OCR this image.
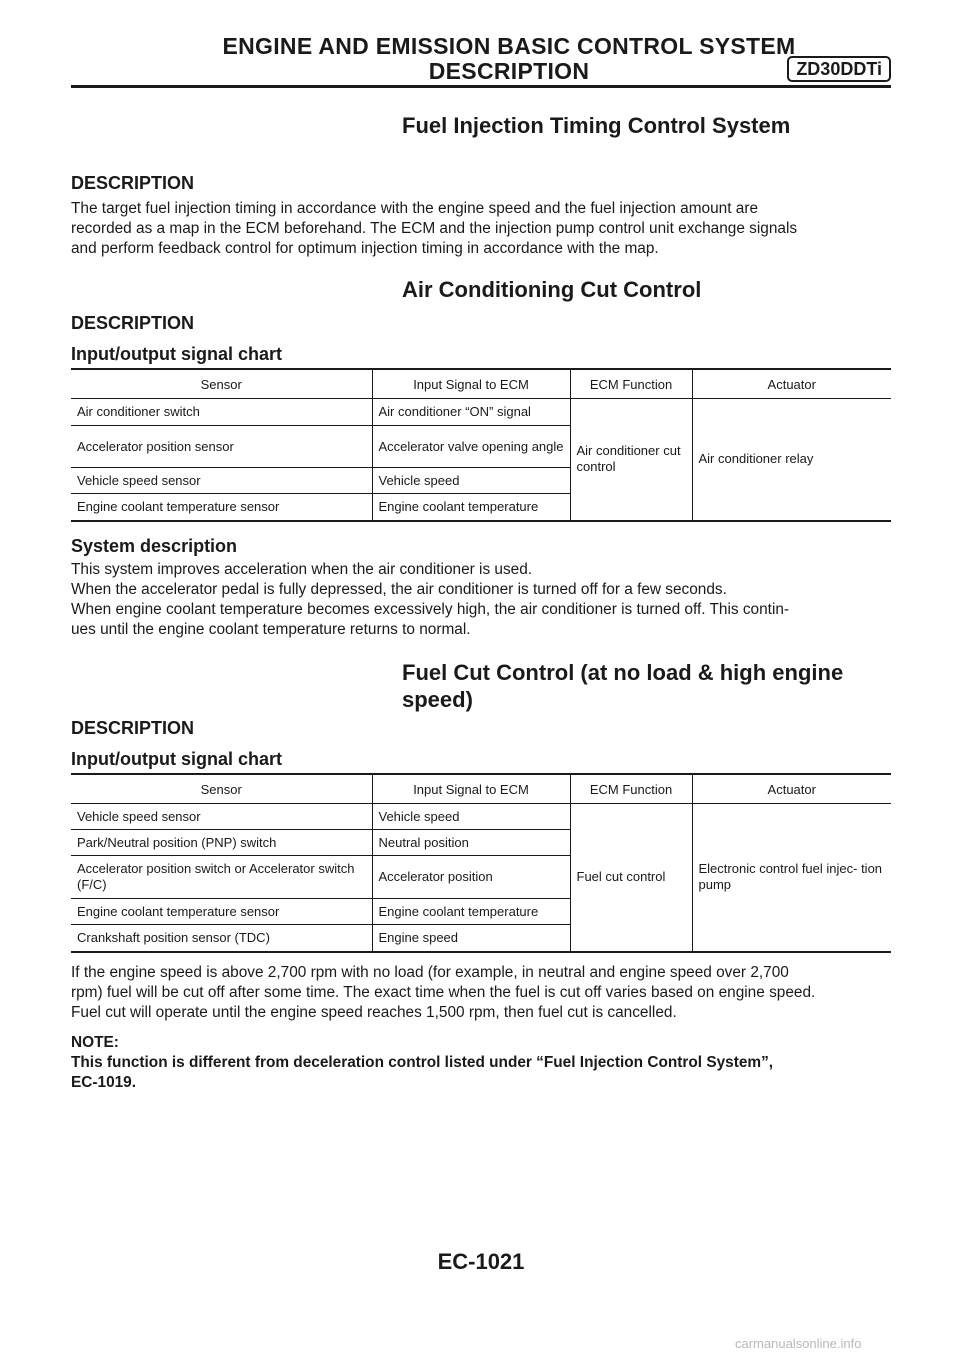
ENGINE AND EMISSION BASIC CONTROL SYSTEM
DESCRIPTION	ZD30DDTi
Fuel Injection Timing Control System
DESCRIPTION
The target fuel injection timing in accordance with the engine speed and the fuel injection amount are
recorded as a map in the ECM beforehand. The ECM and the injection pump control unit exchange signals
and perform feedback control for optimum injection timing in accordance with the map.
Air Conditioning Cut Control
DESCRIPTION
Input/output signal chart
Sensor	Input Signal to ECM	ECM Function	Actuator
Air conditioner switch	Air conditioner “ON” signal	Air conditioner cut control	Air conditioner relay
Accelerator position sensor	Accelerator valve opening angle		
Vehicle speed sensor	Vehicle speed		
Engine coolant temperature sensor	Engine coolant temperature		
System description
This system improves acceleration when the air conditioner is used.
When the accelerator pedal is fully depressed, the air conditioner is turned off for a few seconds.
When engine coolant temperature becomes excessively high, the air conditioner is turned off. This contin-
ues until the engine coolant temperature returns to normal.
Fuel Cut Control (at no load & high engine
speed)
DESCRIPTION
Input/output signal chart
Sensor	Input Signal to ECM	ECM Function	Actuator
Vehicle speed sensor	Vehicle speed	Fuel cut control	Electronic control fuel injec- tion pump
Park/Neutral position (PNP) switch	Neutral position		
Accelerator position switch or Accelerator switch (F/C)	Accelerator position		
Engine coolant temperature sensor	Engine coolant temperature		
Crankshaft position sensor (TDC)	Engine speed		
If the engine speed is above 2,700 rpm with no load (for example, in neutral and engine speed over 2,700
rpm) fuel will be cut off after some time. The exact time when the fuel is cut off varies based on engine speed.
Fuel cut will operate until the engine speed reaches 1,500 rpm, then fuel cut is cancelled.
NOTE:
This function is different from deceleration control listed under “Fuel Injection Control System”,
EC-1019.
EC-1021
carmanualsonline.info
